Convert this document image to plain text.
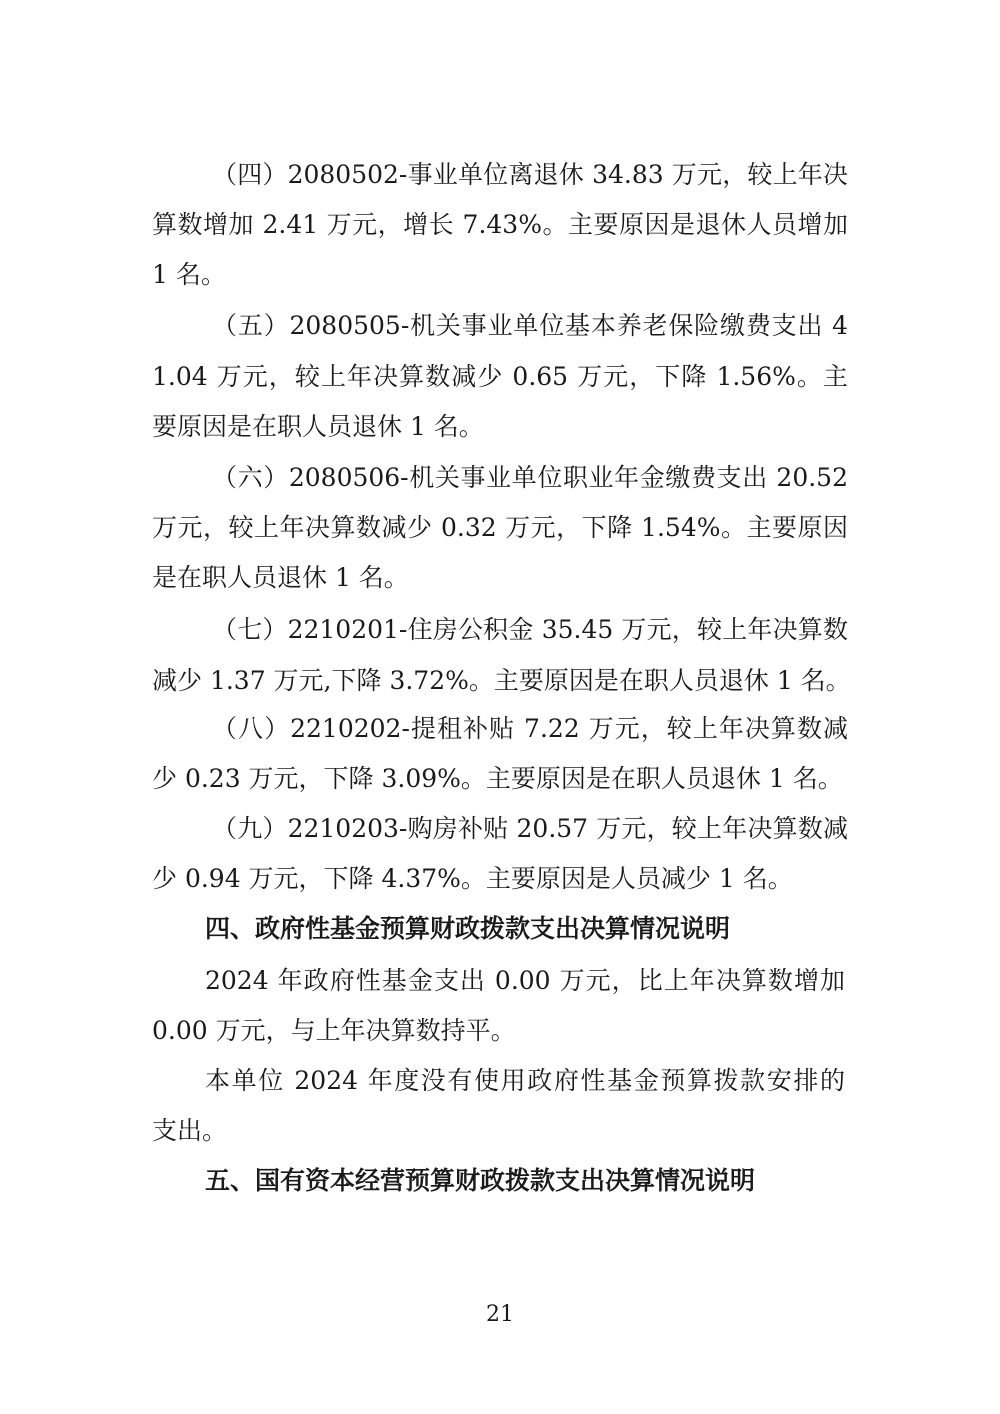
（四）2080502-事业单位离退休 34.83 万元，较上年决
算数增加 2.41 万元，增长 7.43%。主要原因是退休人员增加
1 名。
（五）2080505-机关事业单位基本养老保险缴费支出 4
1.04 万元，较上年决算数减少 0.65 万元，下降 1.56%。主
要原因是在职人员退休 1 名。
（六）2080506-机关事业单位职业年金缴费支出 20.52
万元，较上年决算数减少 0.32 万元，下降 1.54%。主要原因
是在职人员退休 1 名。
（七）2210201-住房公积金 35.45 万元，较上年决算数
减少 1.37 万元,下降 3.72%。主要原因是在职人员退休 1 名。
（八）2210202-提租补贴 7.22 万元，较上年决算数减
少 0.23 万元，下降 3.09%。主要原因是在职人员退休 1 名。
（九）2210203-购房补贴 20.57 万元，较上年决算数减
少 0.94 万元，下降 4.37%。主要原因是人员减少 1 名。
四、政府性基金预算财政拨款支出决算情况说明
2024 年政府性基金支出 0.00 万元，比上年决算数增加
0.00 万元，与上年决算数持平。
本单位 2024 年度没有使用政府性基金预算拨款安排的
支出。
五、国有资本经营预算财政拨款支出决算情况说明
21
